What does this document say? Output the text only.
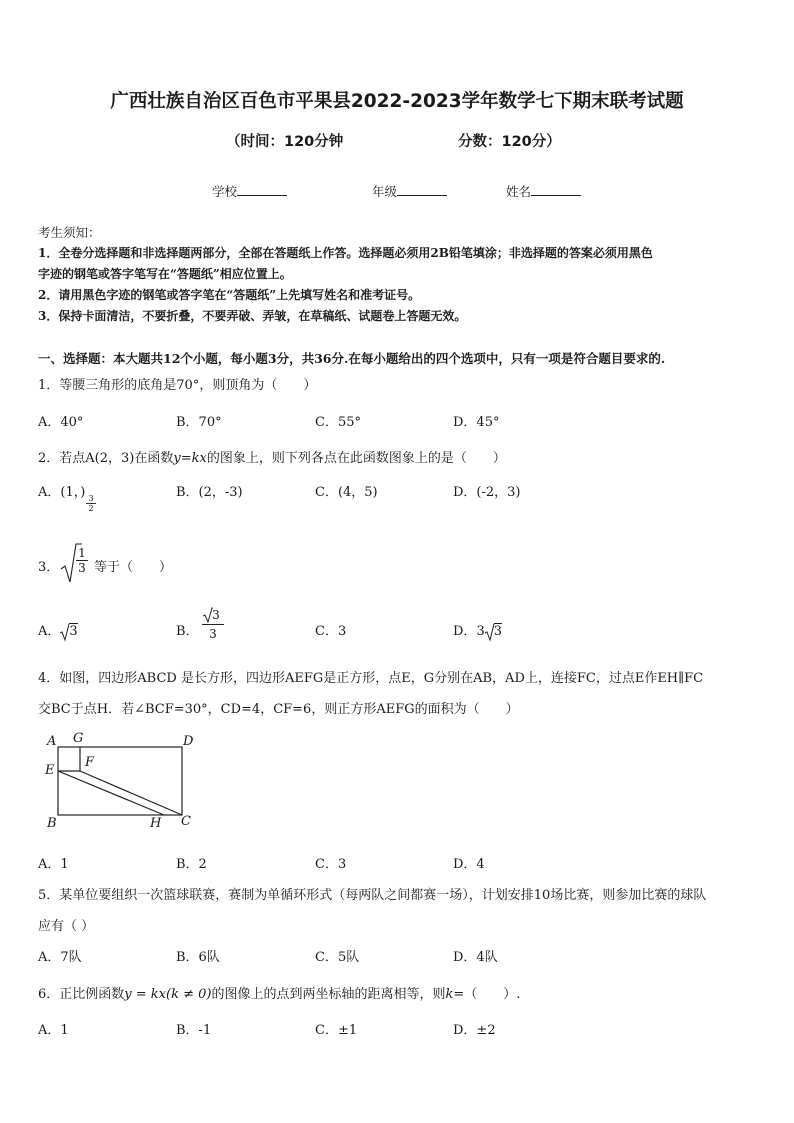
广西壮族自治区百色市平果县2022-2023学年数学七下期末联考试题
（时间：120分钟	分数：120分）
学校	年级	姓名
考生须知：
1．全卷分选择题和非选择题两部分，全部在答题纸上作答。选择题必须用2B铅笔填涂；非选择题的答案必须用黑色
字迹的钢笔或答字笔写在“答题纸”相应位置上。
2．请用黑色字迹的钢笔或答字笔在“答题纸”上先填写姓名和准考证号。
3．保持卡面清洁，不要折叠，不要弄破、弄皱，在草稿纸、试题卷上答题无效。
一、选择题：本大题共12个小题，每小题3分，共36分.在每小题给出的四个选项中，只有一项是符合题目要求的.
1．等腰三角形的底角是70°，则顶角为（　　）
A．40°	B．70°	C．55°	D．45°
2．若点A(2，3)在函数y=kx的图象上，则下列各点在此函数图象上的是（　　）
A．(1，)
$\frac{3}{2}$
B．(2，-3)	C．(4，5)	D．(-2，3)
3． $\frac{1}{3}$ 等于（　　）
A． 3	B． $\frac{3}{3}$	C．3	D．3 3
4．如图，四边形ABCD 是长方形，四边形AEFG是正方形，点E，G分别在AB，AD上，连接FC，过点E作EH∥FC
交BC于点H．若∠BCF=30°，CD=4，CF=6，则正方形AEFG的面积为（　　）
A G	D
E
F
B	H C
A．1	B．2	C．3	D．4
5．某单位要组织一次篮球联赛，赛制为单循环形式（每两队之间都赛一场），计划安排10场比赛，则参加比赛的球队
应有（ ）
A．7队	B．6队	C．5队	D．4队
6．正比例函数y = kx(k ≠ 0)的图像上的点到两坐标轴的距离相等，则k=（　　）.
A．1	B．-1	C．±1	D．±2
